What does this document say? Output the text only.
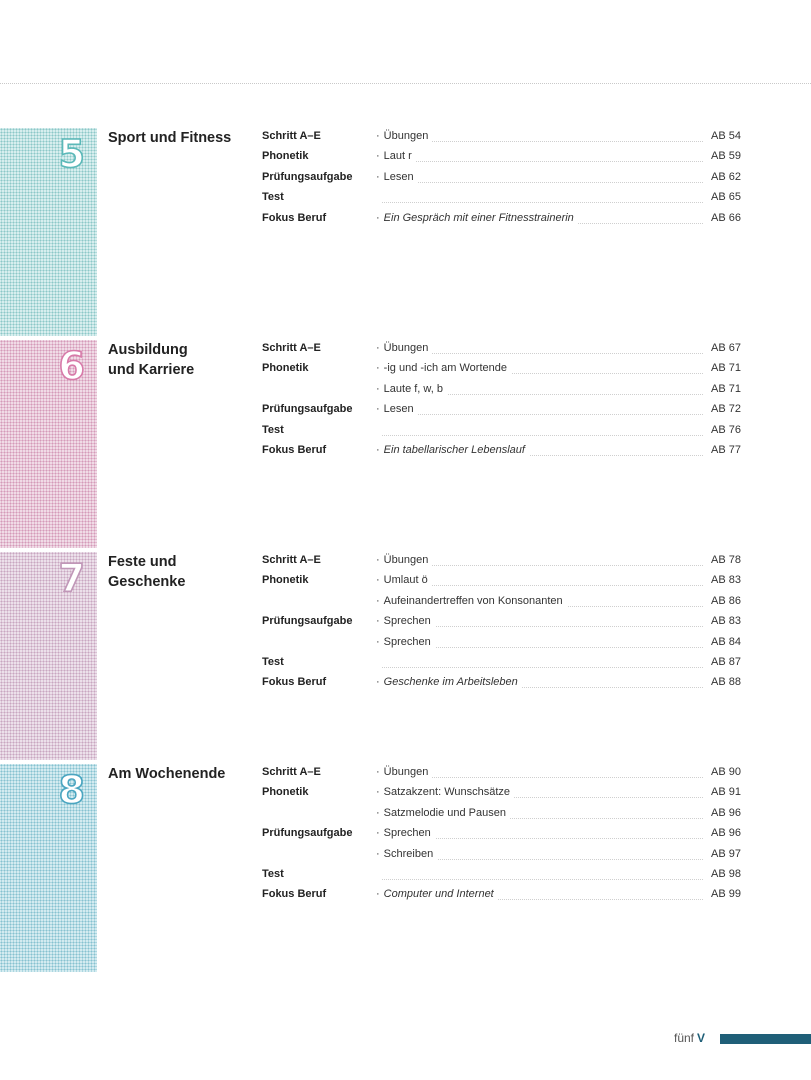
5 Sport und Fitness	Schritt A–E	· Übungen	AB 54
Phonetik	· Laut r	AB 59
Prüfungsaufgabe · Lesen	AB 62
Test	AB 65
Fokus Beruf	· Ein Gespräch mit einer Fitnesstrainerin	AB 66
6 Ausbildung
und Karriere
Schritt A–E	· Übungen	AB 67
Phonetik	· -ig und -ich am Wortende	AB 71
· Laute f, w, b	AB 71
Prüfungsaufgabe · Lesen	AB 72
Test	AB 76
Fokus Beruf	· Ein tabellarischer Lebenslauf	AB 77
7 Feste und
Geschenke
Schritt A–E	· Übungen	AB 78
Phonetik	· Umlaut ö	AB 83
· Aufeinandertreffen von Konsonanten	AB 86
Prüfungsaufgabe · Sprechen	AB 83
· Sprechen	AB 84
Test	AB 87
Fokus Beruf	· Geschenke im Arbeitsleben	AB 88
8 Am Wochenende	Schritt A–E	· Übungen	AB 90
Phonetik	· Satzakzent: Wunschsätze	AB 91
· Satzmelodie und Pausen	AB 96
Prüfungsaufgabe · Sprechen	AB 96
· Schreiben	AB 97
Test	AB 98
Fokus Beruf	· Computer und Internet	AB 99
fünf V
